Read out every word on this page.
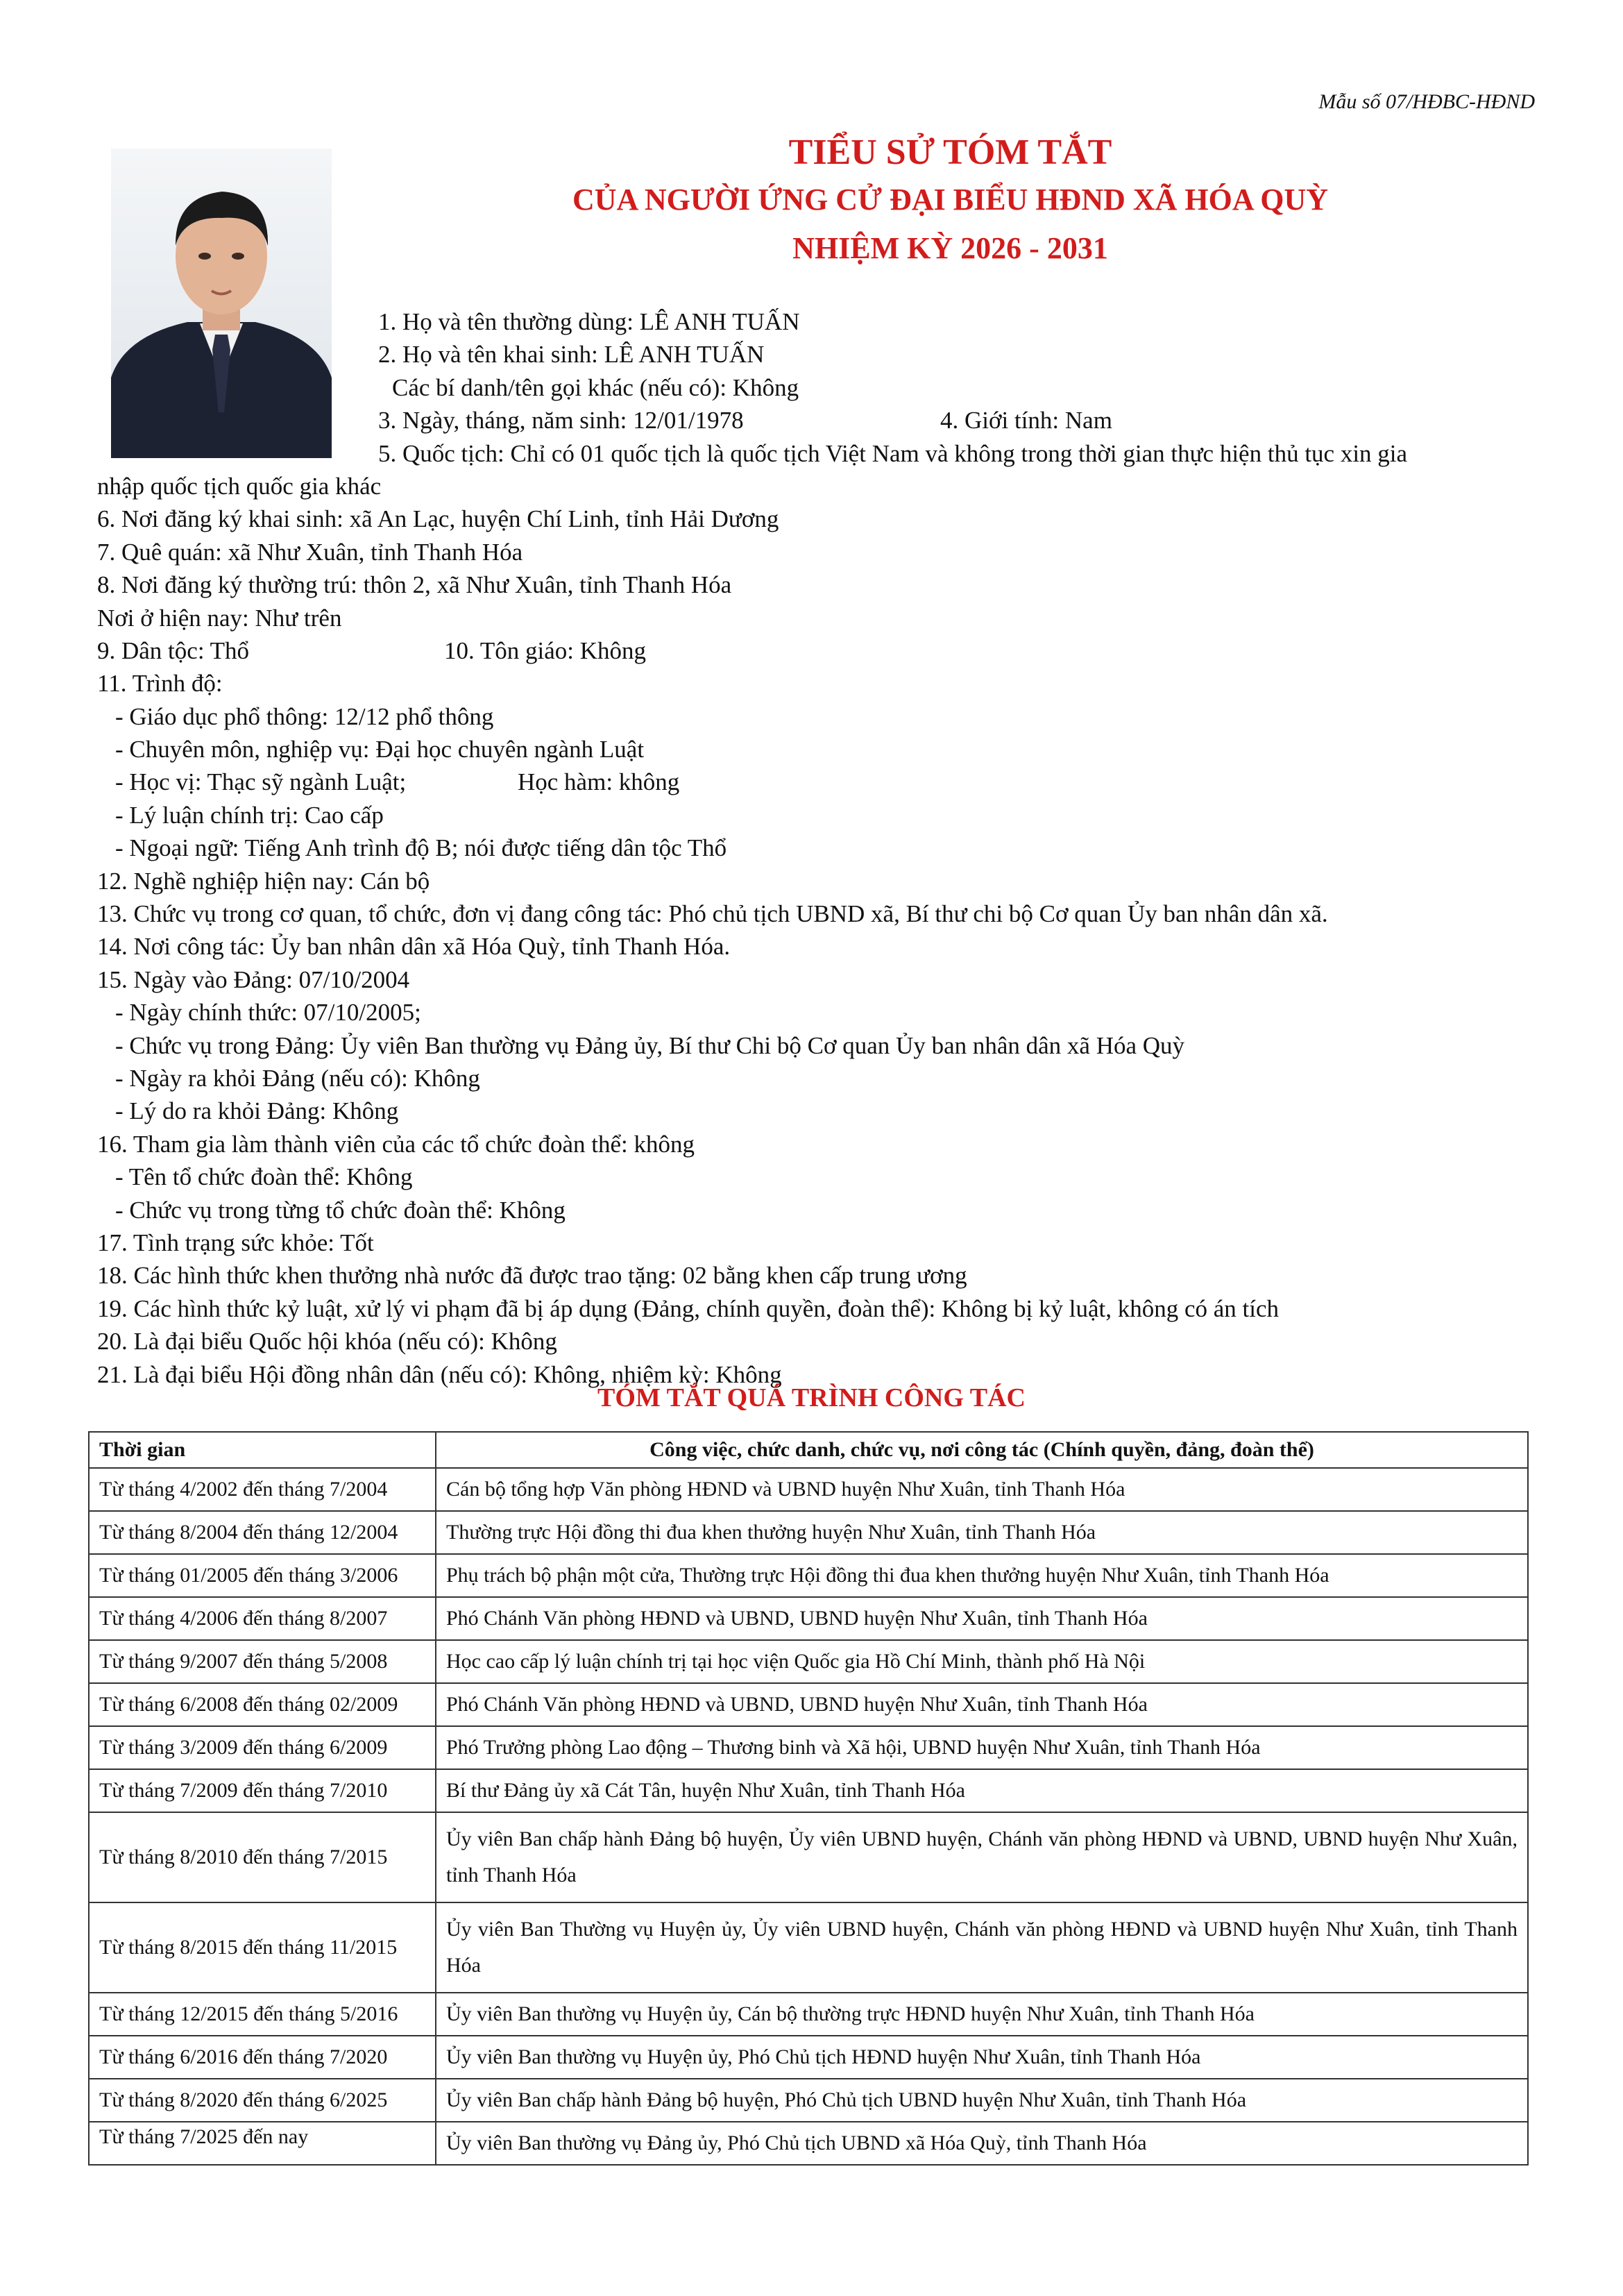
Mẫu số 07/HĐBC-HĐND
TIỂU SỬ TÓM TẮT
CỦA NGƯỜI ỨNG CỬ ĐẠI BIỂU HĐND XÃ HÓA QUỲ
NHIỆM KỲ 2026 - 2031
1. Họ và tên thường dùng: LÊ ANH TUẤN
2. Họ và tên khai sinh: LÊ ANH TUẤN
Các bí danh/tên gọi khác (nếu có): Không
3. Ngày, tháng, năm sinh: 12/01/1978	4. Giới tính: Nam
5. Quốc tịch: Chỉ có 01 quốc tịch là quốc tịch Việt Nam và không trong thời gian thực hiện thủ tục xin gia
nhập quốc tịch quốc gia khác
6. Nơi đăng ký khai sinh: xã An Lạc, huyện Chí Linh, tỉnh Hải Dương
7. Quê quán: xã Như Xuân, tỉnh Thanh Hóa
8. Nơi đăng ký thường trú: thôn 2, xã Như Xuân, tỉnh Thanh Hóa
Nơi ở hiện nay: Như trên
9. Dân tộc: Thổ	10. Tôn giáo: Không
11. Trình độ:
- Giáo dục phổ thông: 12/12 phổ thông
- Chuyên môn, nghiệp vụ: Đại học chuyên ngành Luật
- Học vị: Thạc sỹ ngành Luật;	Học hàm: không
- Lý luận chính trị: Cao cấp
- Ngoại ngữ: Tiếng Anh trình độ B; nói được tiếng dân tộc Thổ
12. Nghề nghiệp hiện nay: Cán bộ
13. Chức vụ trong cơ quan, tổ chức, đơn vị đang công tác: Phó chủ tịch UBND xã, Bí thư chi bộ Cơ quan Ủy ban nhân dân xã.
14. Nơi công tác: Ủy ban nhân dân xã Hóa Quỳ, tỉnh Thanh Hóa.
15. Ngày vào Đảng: 07/10/2004
- Ngày chính thức: 07/10/2005;
- Chức vụ trong Đảng: Ủy viên Ban thường vụ Đảng ủy, Bí thư Chi bộ Cơ quan Ủy ban nhân dân xã Hóa Quỳ
- Ngày ra khỏi Đảng (nếu có): Không
- Lý do ra khỏi Đảng: Không
16. Tham gia làm thành viên của các tổ chức đoàn thể: không
- Tên tổ chức đoàn thể: Không
- Chức vụ trong từng tổ chức đoàn thể: Không
17. Tình trạng sức khỏe: Tốt
18. Các hình thức khen thưởng nhà nước đã được trao tặng: 02 bằng khen cấp trung ương
19. Các hình thức kỷ luật, xử lý vi phạm đã bị áp dụng (Đảng, chính quyền, đoàn thể): Không bị kỷ luật, không có án tích
20. Là đại biểu Quốc hội khóa (nếu có): Không
21. Là đại biểu Hội đồng nhân dân (nếu có): Không, nhiệm kỳ: Không
TÓM TẮT QUÁ TRÌNH CÔNG TÁC
Thời gian	Công việc, chức danh, chức vụ, nơi công tác (Chính quyền, đảng, đoàn thể)
Từ tháng 4/2002 đến tháng 7/2004	Cán bộ tổng hợp Văn phòng HĐND và UBND huyện Như Xuân, tỉnh Thanh Hóa
Từ tháng 8/2004 đến tháng 12/2004	Thường trực Hội đồng thi đua khen thưởng huyện Như Xuân, tỉnh Thanh Hóa
Từ tháng 01/2005 đến tháng 3/2006	Phụ trách bộ phận một cửa, Thường trực Hội đồng thi đua khen thưởng huyện Như Xuân, tỉnh Thanh Hóa
Từ tháng 4/2006 đến tháng 8/2007	Phó Chánh Văn phòng HĐND và UBND, UBND huyện Như Xuân, tỉnh Thanh Hóa
Từ tháng 9/2007 đến tháng 5/2008	Học cao cấp lý luận chính trị tại học viện Quốc gia Hồ Chí Minh, thành phố Hà Nội
Từ tháng 6/2008 đến tháng 02/2009	Phó Chánh Văn phòng HĐND và UBND, UBND huyện Như Xuân, tỉnh Thanh Hóa
Từ tháng 3/2009 đến tháng 6/2009	Phó Trưởng phòng Lao động – Thương binh và Xã hội, UBND huyện Như Xuân, tỉnh Thanh Hóa
Từ tháng 7/2009 đến tháng 7/2010	Bí thư Đảng ủy xã Cát Tân, huyện Như Xuân, tỉnh Thanh Hóa
Từ tháng 8/2010 đến tháng 7/2015	Ủy viên Ban chấp hành Đảng bộ huyện, Ủy viên UBND huyện, Chánh văn phòng HĐND và UBND, UBND huyện Như Xuân, tỉnh Thanh Hóa
Từ tháng 8/2015 đến tháng 11/2015	Ủy viên Ban Thường vụ Huyện ủy, Ủy viên UBND huyện, Chánh văn phòng HĐND và UBND huyện Như Xuân, tỉnh Thanh Hóa
Từ tháng 12/2015 đến tháng 5/2016	Ủy viên Ban thường vụ Huyện ủy, Cán bộ thường trực HĐND huyện Như Xuân, tỉnh Thanh Hóa
Từ tháng 6/2016 đến tháng 7/2020	Ủy viên Ban thường vụ Huyện ủy, Phó Chủ tịch HĐND huyện Như Xuân, tỉnh Thanh Hóa
Từ tháng 8/2020 đến tháng 6/2025	Ủy viên Ban chấp hành Đảng bộ huyện, Phó Chủ tịch UBND huyện Như Xuân, tỉnh Thanh Hóa
Từ tháng 7/2025 đến nay	Ủy viên Ban thường vụ Đảng ủy, Phó Chủ tịch UBND xã Hóa Quỳ, tỉnh Thanh Hóa
